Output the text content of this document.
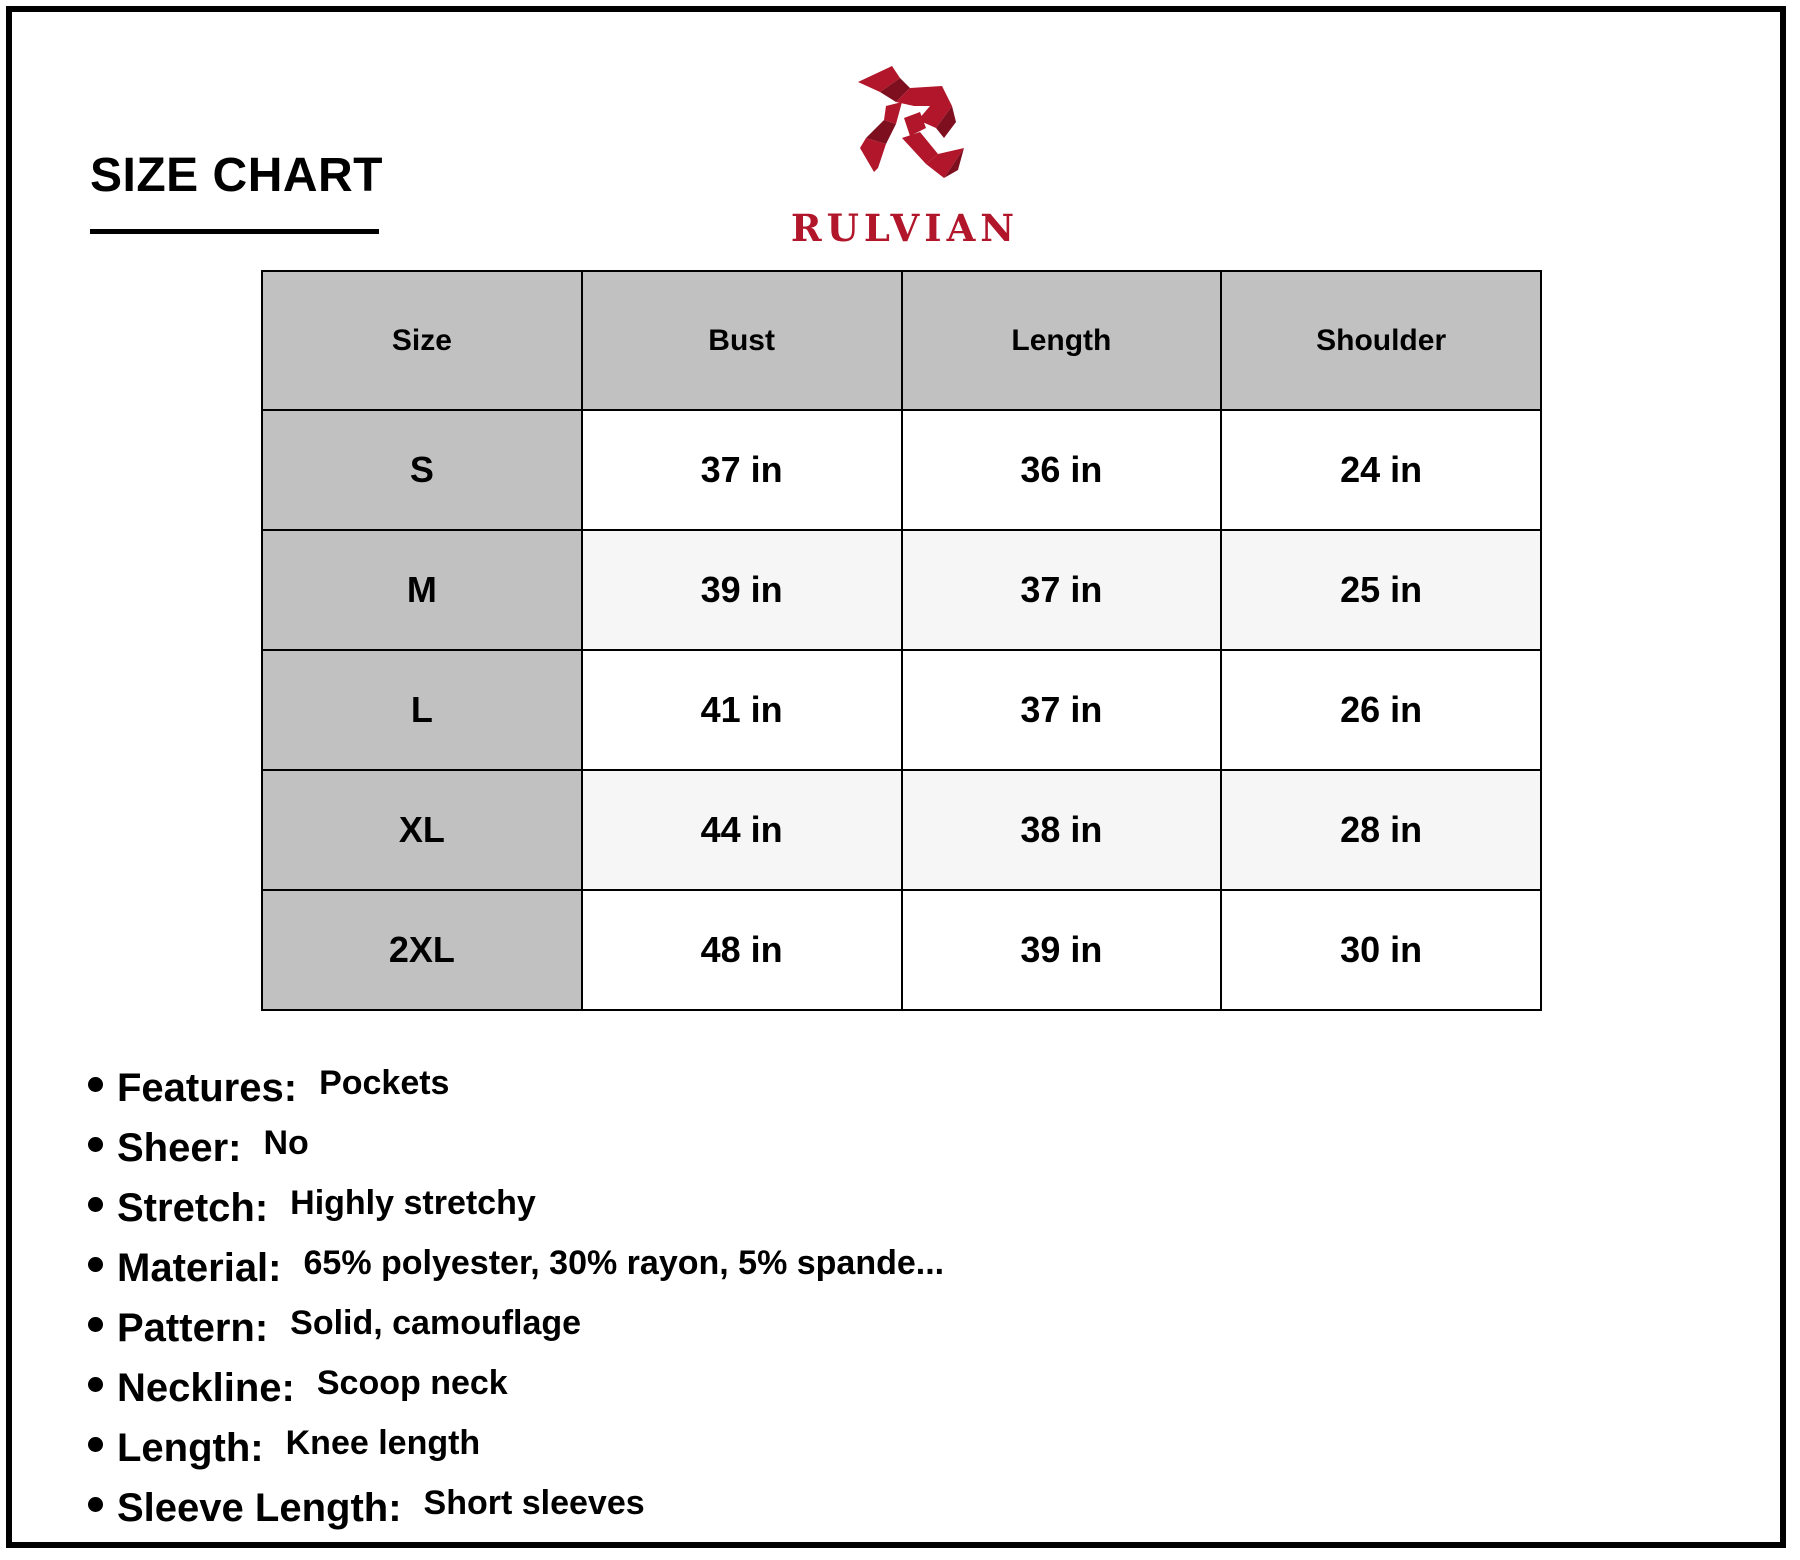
SIZE CHART
RULVIAN
Size	Bust	Length	Shoulder
S	37 in	36 in	24 in
M	39 in	37 in	25 in
L	41 in	37 in	26 in
XL	44 in	38 in	28 in
2XL	48 in	39 in	30 in
Features: Pockets
Sheer: No
Stretch: Highly stretchy
Material: 65% polyester, 30% rayon, 5% spande...
Pattern: Solid, camouflage
Neckline: Scoop neck
Length: Knee length
Sleeve Length: Short sleeves
